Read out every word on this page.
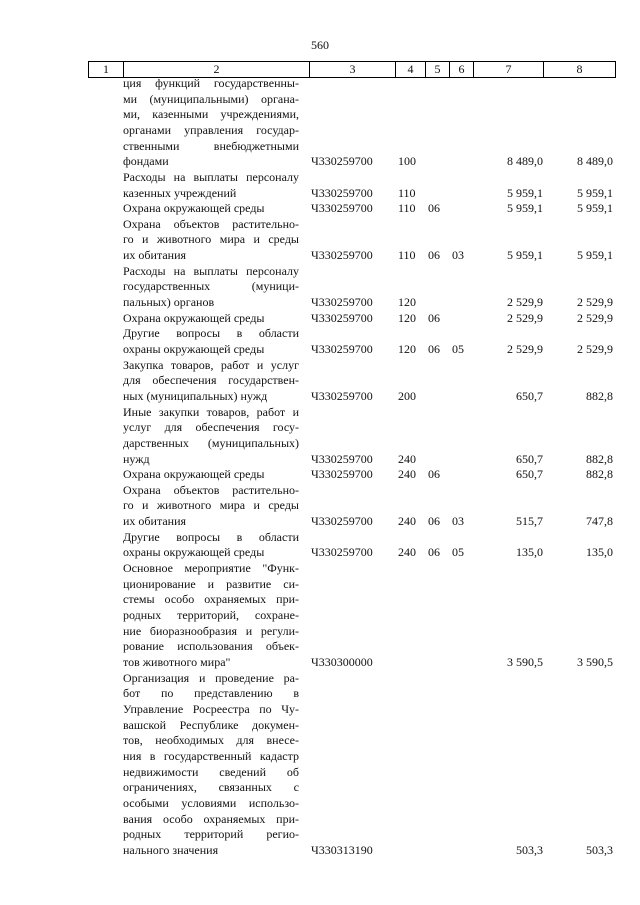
560
1	2	3	4	5	6	7	8
ция функций государственны-
ми (муниципальными) органа-
ми, казенными учреждениями,
органами управления государ-
ственными внебюджетными
фондами	Ч330259700 100	8 489,0	8 489,0
Расходы на выплаты персоналу
казенных учреждений	Ч330259700 110	5 959,1	5 959,1
Охрана окружающей среды	Ч330259700 110 06	5 959,1	5 959,1
Охрана объектов растительно-
го и животного мира и среды
их обитания	Ч330259700 110 06 03	5 959,1	5 959,1
Расходы на выплаты персоналу
государственных (муници-
пальных) органов	Ч330259700 120	2 529,9	2 529,9
Охрана окружающей среды	Ч330259700 120 06	2 529,9	2 529,9
Другие вопросы в области
охраны окружающей среды	Ч330259700 120 06 05	2 529,9	2 529,9
Закупка товаров, работ и услуг
для обеспечения государствен-
ных (муниципальных) нужд	Ч330259700 200	650,7	882,8
Иные закупки товаров, работ и
услуг для обеспечения госу-
дарственных (муниципальных)
нужд	Ч330259700 240	650,7	882,8
Охрана окружающей среды	Ч330259700 240 06	650,7	882,8
Охрана объектов растительно-
го и животного мира и среды
их обитания	Ч330259700 240 06 03	515,7	747,8
Другие вопросы в области
охраны окружающей среды	Ч330259700 240 06 05	135,0	135,0
Основное мероприятие "Функ-
ционирование и развитие си-
стемы особо охраняемых при-
родных территорий, сохране-
ние биоразнообразия и регули-
рование использования объек-
тов животного мира"	Ч330300000	3 590,5	3 590,5
Организация и проведение ра-
бот по представлению в
Управление Росреестра по Чу-
вашской Республике докумен-
тов, необходимых для внесе-
ния в государственный кадастр
недвижимости сведений об
ограничениях, связанных с
особыми условиями использо-
вания особо охраняемых при-
родных территорий регио-
нального значения	Ч330313190	503,3	503,3
